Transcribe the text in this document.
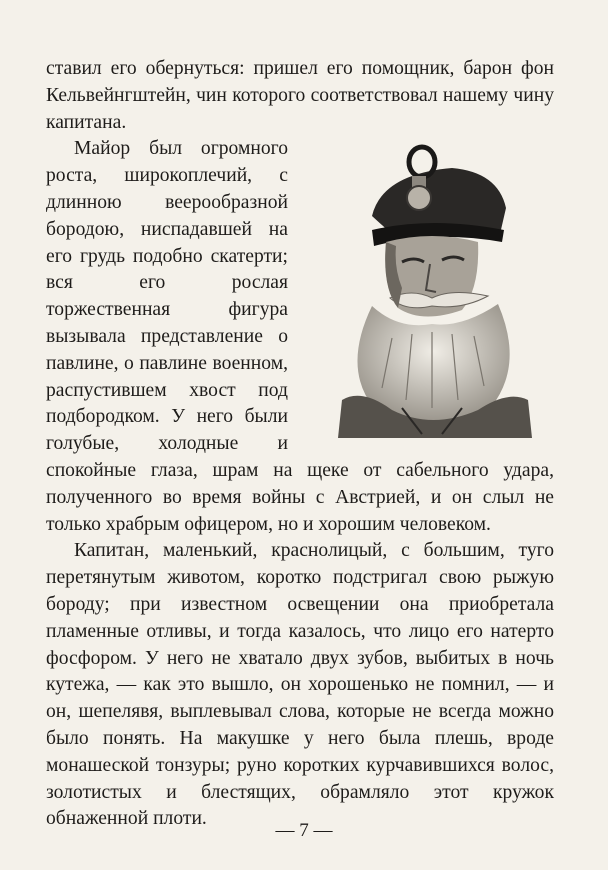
ставил его обернуться: пришел его помощник, барон фон Кельвейнгштейн, чин которого соответствовал нашему чину капитана.

Майор был огромного роста, широкоплечий, с длинною веерообразной бородою, ниспадавшей на его грудь подобно скатерти; вся его рослая торжественная фигура вызывала представление о павлине, о павлине военном, распустившем хвост под подбородком. У него были голубые, холодные и спокойные глаза, шрам на щеке от сабельного удара, полученного во время войны с Австрией, и он слыл не только храбрым офицером, но и хорошим человеком.

Капитан, маленький, краснолицый, с большим, туго перетянутым животом, коротко подстригал свою рыжую бороду; при известном освещении она приобретала пламенные отливы, и тогда казалось, что лицо его натерто фосфором. У него не хватало двух зубов, выбитых в ночь кутежа, — как это вышло, он хорошенько не помнил, — и он, шепелявя, выплевывал слова, которые не всегда можно было понять. На макушке у него была плешь, вроде монашеской тонзуры; руно коротких курчавившихся волос, золотистых и блестящих, обрамляло этот кружок обнаженной плоти.

— 7 —
